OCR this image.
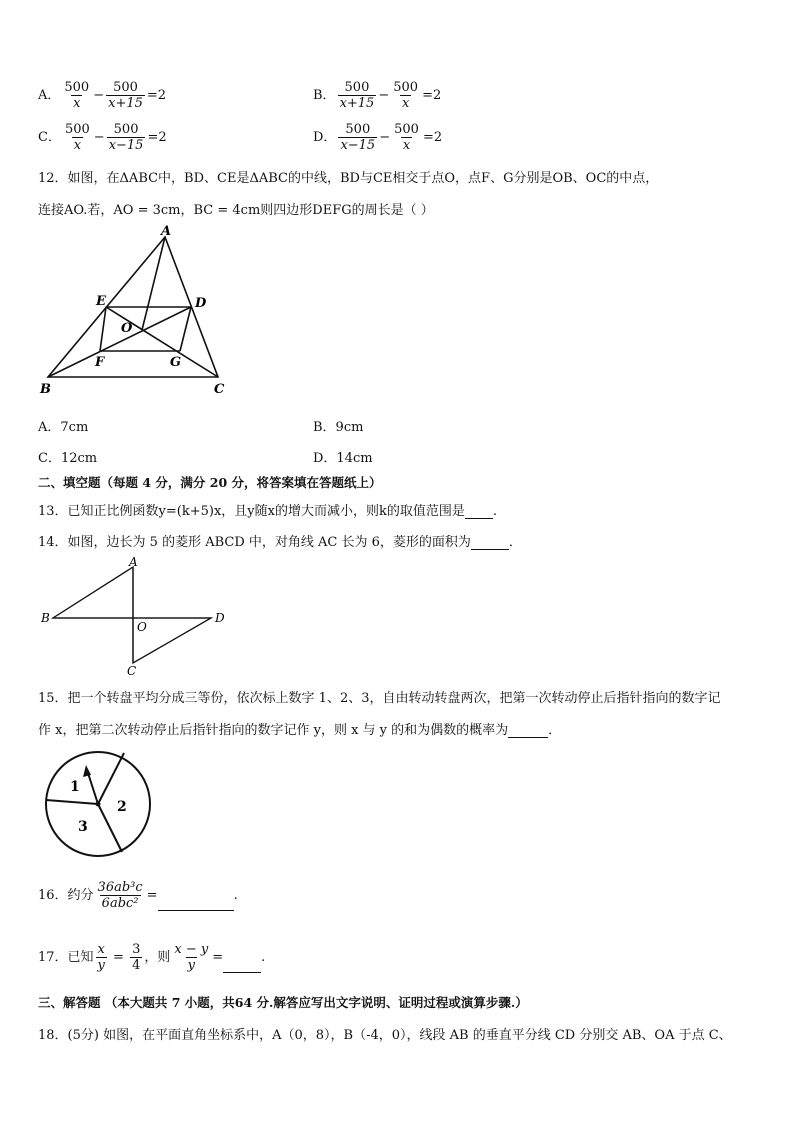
A． $\frac{500}{x} - \frac{500}{x+15} =2$	B． $\frac{500}{x+15} - \frac{500}{x} =2$
C． $\frac{500}{x} - \frac{500}{x-15} =2$	D． $\frac{500}{x-15} - \frac{500}{x} =2$
12．如图，在ΔABC中，BD、CE是ΔABC的中线，BD与CE相交于点O，点F、G分别是OB、OC的中点，
连接AO.若，AO = 3cm，BC = 4cm则四边形DEFG的周长是（ ）
A
E	D
O
F	G
B	C
A．7cm	B．9cm
C．12cm	D．14cm
二、填空题（每题 4 分，满分 20 分，将答案填在答题纸上）
13．已知正比例函数y=(k+5)x，且y随x的增大而减小，则k的取值范围是 .
14．如图，边长为 5 的菱形 ABCD 中，对角线 AC 长为 6，菱形的面积为	．
A
B	D
O
C
15．把一个转盘平均分成三等份，依次标上数字 1、2、3，自由转动转盘两次，把第一次转动停止后指针指向的数字记
作 x，把第二次转动停止后指针指向的数字记作 y，则 x 与 y 的和为偶数的概率为	．
1
2
3
16．约分 $\frac{\text{36ab³c}}{\text{6abc²}}$ =	.
17．已知 $\frac{x}{y} = \frac{3}{4}$ ，则 $\frac{x - y}{y}$ =	.
三、解答题 （本大题共 7 小题，共64 分.解答应写出文字说明、证明过程或演算步骤.）
18．(5分) 如图，在平面直角坐标系中，A（0，8），B（-4，0），线段 AB 的垂直平分线 CD 分别交 AB、OA 于点 C、
